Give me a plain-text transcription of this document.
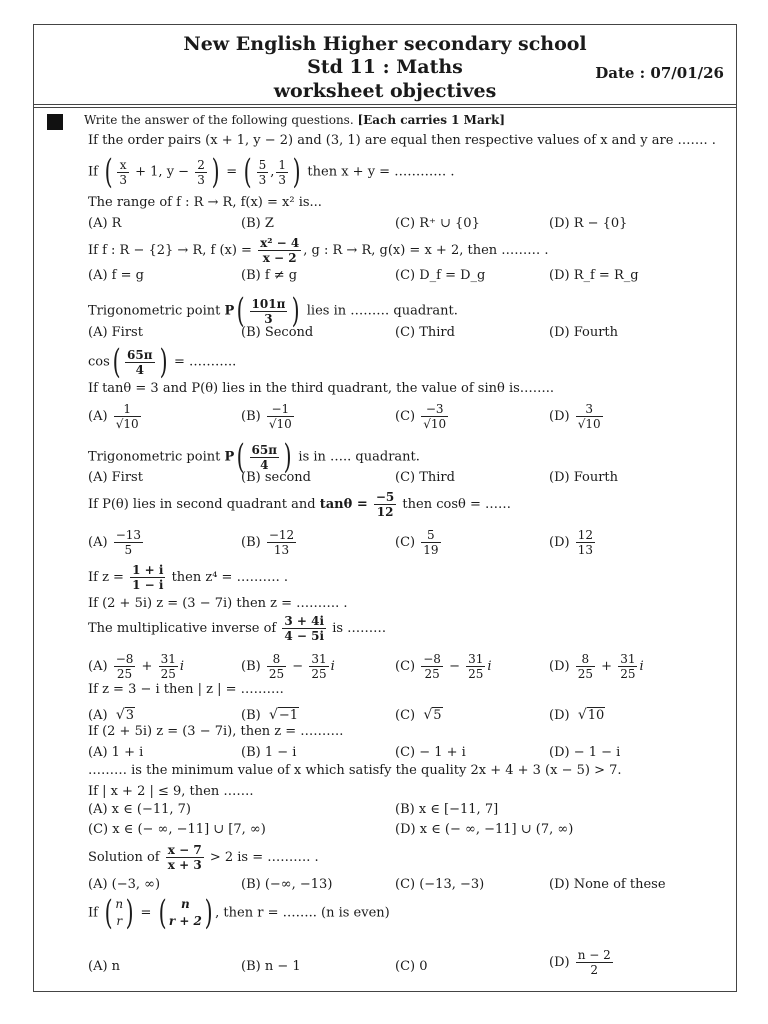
New English Higher secondary school
Std 11 : Maths
worksheet objectives
Date : 07/01/26
Write the answer of the following questions. [Each carries 1 Mark]
If the order pairs (x + 1, y − 2) and (3, 1) are equal then respective values of x and y are ……. .
If ( $\frac{x}{3} + 1$, $y - \frac{2}{3}$ ) = ( $\frac{5}{3}$ , $\frac{1}{3}$ ) then x + y = ………… .
The range of f : R → R, f(x) = x² is...
(A) R	(B) Z	(C) R⁺ ∪ {0}	(D) R − {0}
If f : R − {2} → R, f $(x) = \frac{\text{x² − 4}}{x - 2}$ , g : R → R, g(x) = x + 2, then ……… .
(A) f = g	(B) f ≠ g	(C) D_f = D_g	(D) R_f = R_g
Trigonometric point $P( \frac{101\pi}{3}$ ) lies in ……… quadrant.
(A) First	(B) Second	(C) Third	(D) Fourth
$\cos( \frac{65\pi}{4}$ ) = ………..
If tanθ = 3 and P(θ) lies in the third quadrant, the value of sinθ is……..
$(A) \frac{1}{√10}$	$(B) \frac{-1}{√10}$	$(C) \frac{-3}{√10}$	$(D) \frac{3}{√10}$
Trigonometric point $P( \frac{65\pi}{4}$ ) is in ….. quadrant.
(A) First	(B) second	(C) Third	(D) Fourth
If P(θ) lies in second quadrant and $\tan\theta = \frac{-5}{12}$ then cosθ = ……
$(A) \frac{-13}{5}$	$(B) \frac{-12}{13}$	$(C) \frac{5}{19}$	$(D) \frac{12}{13}$
If $z = \frac{1 + i}{1 - i}$ then z⁴ = ………. .
If (2 + 5i) z = (3 − 7i) then z = ………. .
The multiplicative inverse of $\frac{3 + 4i}{4 - 5i}$ is ………
$(A) \frac{-8}{25} + \frac{31}{25}$ i	$(B) \frac{8}{25} - \frac{31}{25}$ i	$(C) \frac{-8}{25} - \frac{31}{25}$ i	$(D) \frac{8}{25} + \frac{31}{25}$ i
If z = 3 − i then | z | = ……….
(A) √3	(B) √−1	(C) √5	(D) √10
If (2 + 5i) z = (3 − 7i), then z = ……….
(A) 1 + i	(B) 1 − i	(C) − 1 + i	(D) − 1 − i
……… is the minimum value of x which satisfy the quality 2x + 4 + 3 (x − 5) > 7.
If | x + 2 | ≤ 9, then …….
(A) x ∈ (−11, 7)	(B) x ∈ [−11, 7]
(C) x ∈ (− ∞, −11] ∪ [7, ∞)	(D) x ∈ (− ∞, −11] ∪ (7, ∞)
Solution of $\frac{x - 7}{x + 3} > 2$ is = ………. .
(A) (−3, ∞)	(B) (−∞, −13)	(C) (−13, −3)	(D) None of these
If ( n
r ) = (	n
r + 2 ) , then r = …….. (n is even)
(A) n	(B) n − 1	(C) 0	$(D) \frac{n - 2}{2}$
